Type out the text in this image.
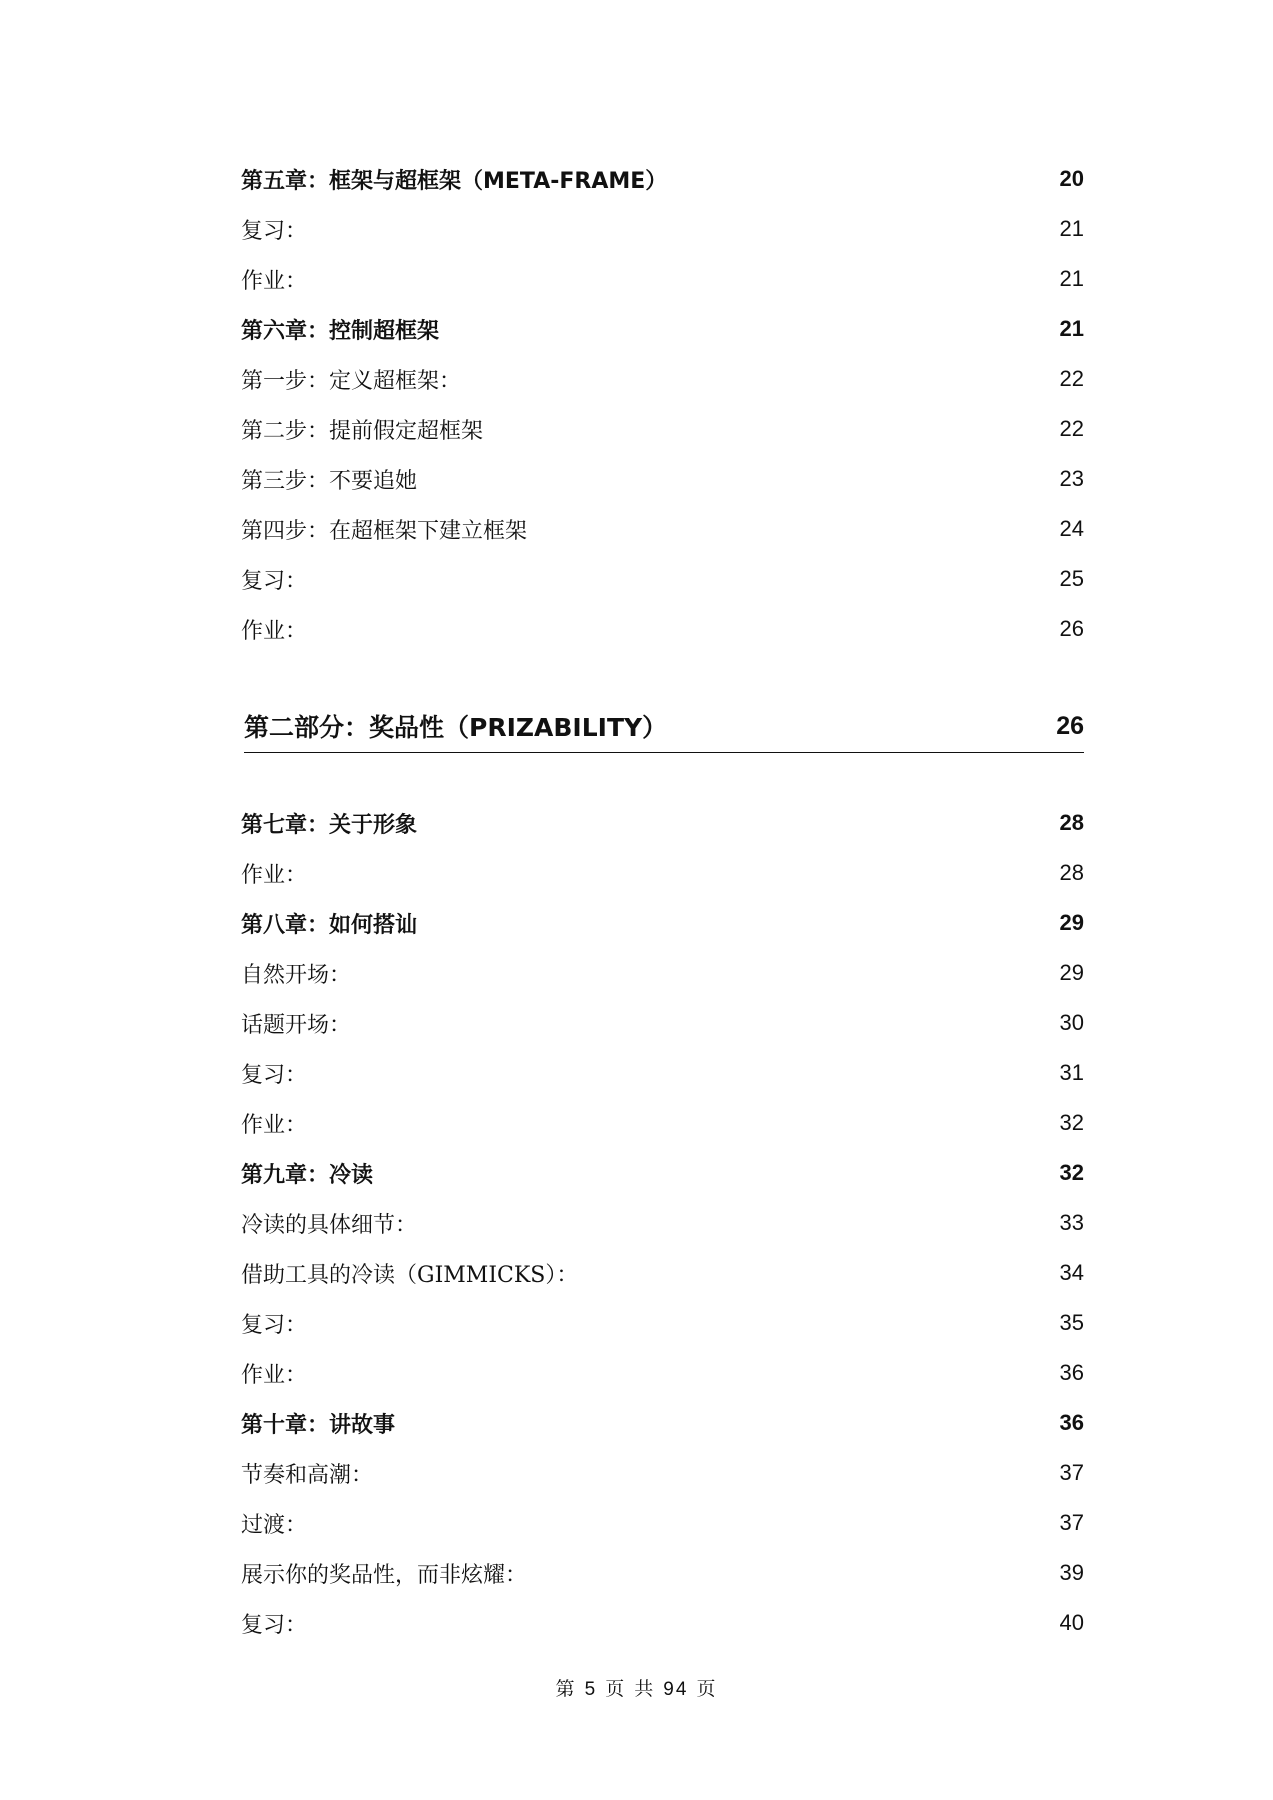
第五章：框架与超框架（META-FRAME）	20
复习：	21
作业：	21
第六章：控制超框架	21
第一步：定义超框架：	22
第二步：提前假定超框架	22
第三步：不要追她	23
第四步：在超框架下建立框架	24
复习：	25
作业：	26
第二部分：奖品性（PRIZABILITY）	26
第七章：关于形象	28
作业：	28
第八章：如何搭讪	29
自然开场：	29
话题开场：	30
复习：	31
作业：	32
第九章：冷读	32
冷读的具体细节：	33
借助工具的冷读（GIMMICKS）：	34
复习：	35
作业：	36
第十章：讲故事	36
节奏和高潮：	37
过渡：	37
展示你的奖品性，而非炫耀：	39
复习：	40
第 5 页 共 94 页
